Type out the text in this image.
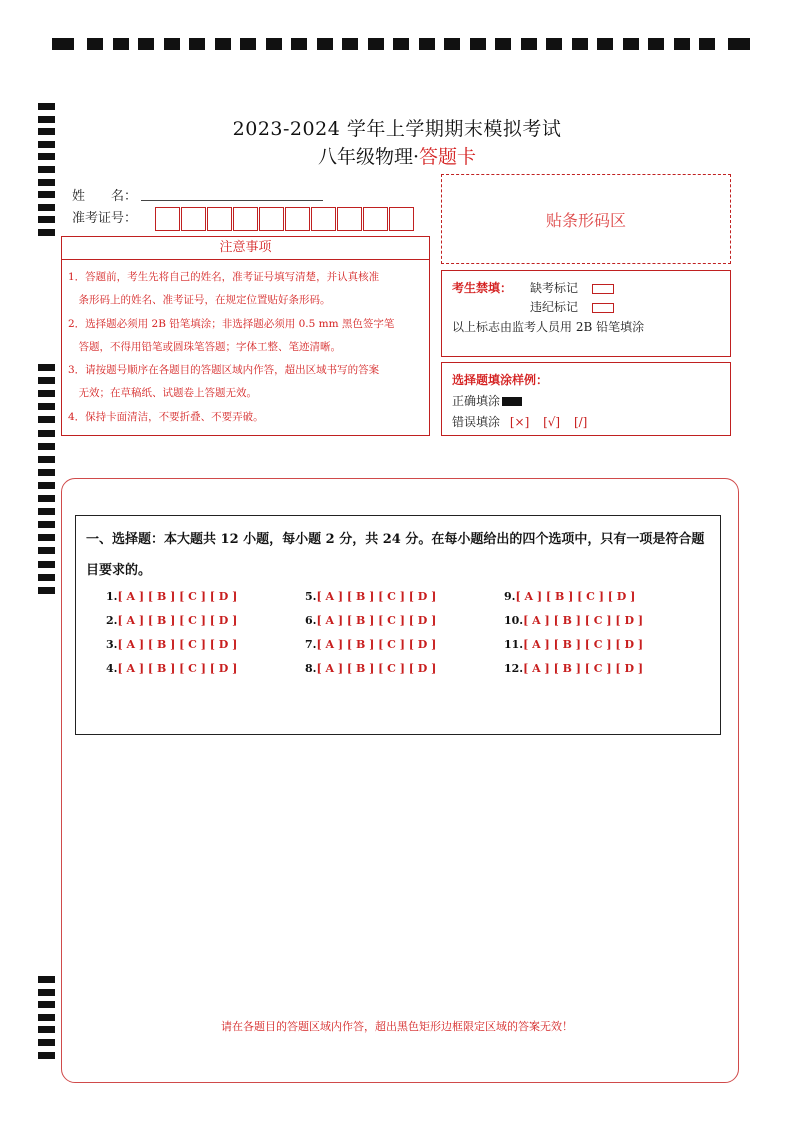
2023-2024 学年上学期期末模拟考试
八年级物理·答题卡
姓　　名：
准考证号：	贴条形码区
注意事项

1．答题前，考生先将自己的姓名，准考证号填写清楚，并认真核准

　条形码上的姓名、准考证号，在规定位置贴好条形码。

2．选择题必须用 2B 铅笔填涂；非选择题必须用 0.5 mm 黑色签字笔

　答题，不得用铅笔或圆珠笔答题；字体工整、笔迹清晰。

3．请按题号顺序在各题目的答题区域内作答，超出区域书写的答案

　无效；在草稿纸、试题卷上答题无效。

4．保持卡面清洁，不要折叠、不要弄破。

考生禁填： 缺考标记
违纪标记
以上标志由监考人员用 2B 铅笔填涂
选择题填涂样例：
正确填涂
错误填涂 [×] [√] [/]
一、选择题：本大题共 12 小题，每小题 2 分，共 24 分。在每小题给出的四个选项中，只有一项是符合题目要求的。
1.[ A ] [ B ] [ C ] [ D ]
2.[ A ] [ B ] [ C ] [ D ]
3.[ A ] [ B ] [ C ] [ D ]
4.[ A ] [ B ] [ C ] [ D ]
5.[ A ] [ B ] [ C ] [ D ]
6.[ A ] [ B ] [ C ] [ D ]
7.[ A ] [ B ] [ C ] [ D ]
8.[ A ] [ B ] [ C ] [ D ]
9.[ A ] [ B ] [ C ] [ D ]
10.[ A ] [ B ] [ C ] [ D ]
11.[ A ] [ B ] [ C ] [ D ]
12.[ A ] [ B ] [ C ] [ D ]
请在各题目的答题区域内作答，超出黑色矩形边框限定区域的答案无效！
